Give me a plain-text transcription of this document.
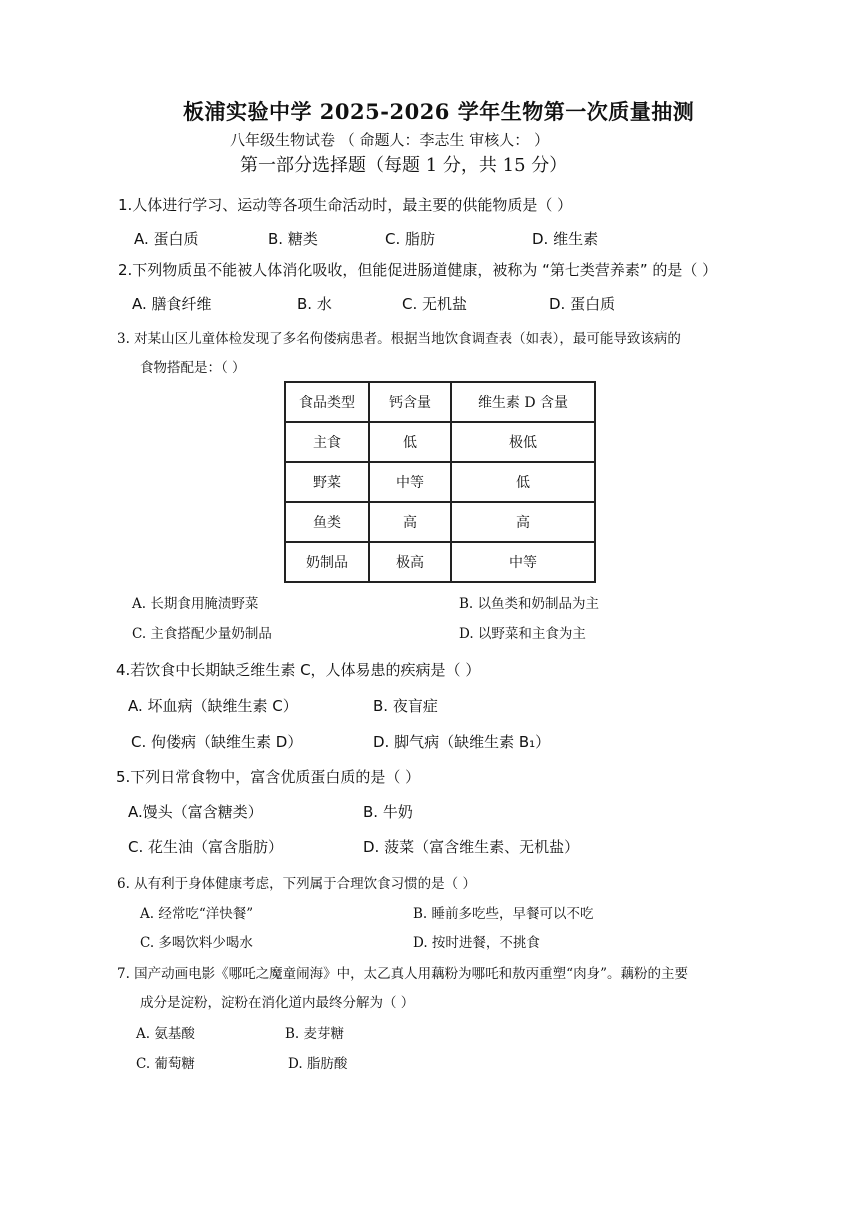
板浦实验中学 2025-2026 学年生物第一次质量抽测
八年级生物试卷 （ 命题人：李志生 审核人： ）
第一部分选择题（每题 1 分，共 15 分）
1.人体进行学习、运动等各项生命活动时，最主要的供能物质是（ ）
A. 蛋白质	B. 糖类	C. 脂肪	D. 维生素
2.下列物质虽不能被人体消化吸收，但能促进肠道健康，被称为 “第七类营养素” 的是（ ）
A. 膳食纤维	B. 水	C. 无机盐	D. 蛋白质
3. 对某山区儿童体检发现了多名佝偻病患者。根据当地饮食调查表（如表），最可能导致该病的
食物搭配是：（ ）
食品类型	钙含量	维生素 D 含量
主食	低	极低
野菜	中等	低
鱼类	高	高
奶制品	极高	中等
A. 长期食用腌渍野菜	B. 以鱼类和奶制品为主
C. 主食搭配少量奶制品	D. 以野菜和主食为主
4.若饮食中长期缺乏维生素 C，人体易患的疾病是（ ）
A. 坏血病（缺维生素 C）	B. 夜盲症
C. 佝偻病（缺维生素 D）	D. 脚气病（缺维生素 B₁）
5.下列日常食物中，富含优质蛋白质的是（ ）
A.馒头（富含糖类）	B. 牛奶
C. 花生油（富含脂肪）	D. 菠菜（富含维生素、无机盐）
6. 从有利于身体健康考虑，下列属于合理饮食习惯的是（ ）
A. 经常吃“洋快餐”	B. 睡前多吃些，早餐可以不吃
C. 多喝饮料少喝水	D. 按时进餐，不挑食
7. 国产动画电影《哪吒之魔童闹海》中，太乙真人用藕粉为哪吒和敖丙重塑“肉身”。藕粉的主要
成分是淀粉，淀粉在消化道内最终分解为（ ）
A. 氨基酸	B. 麦芽糖
C. 葡萄糖	D. 脂肪酸
